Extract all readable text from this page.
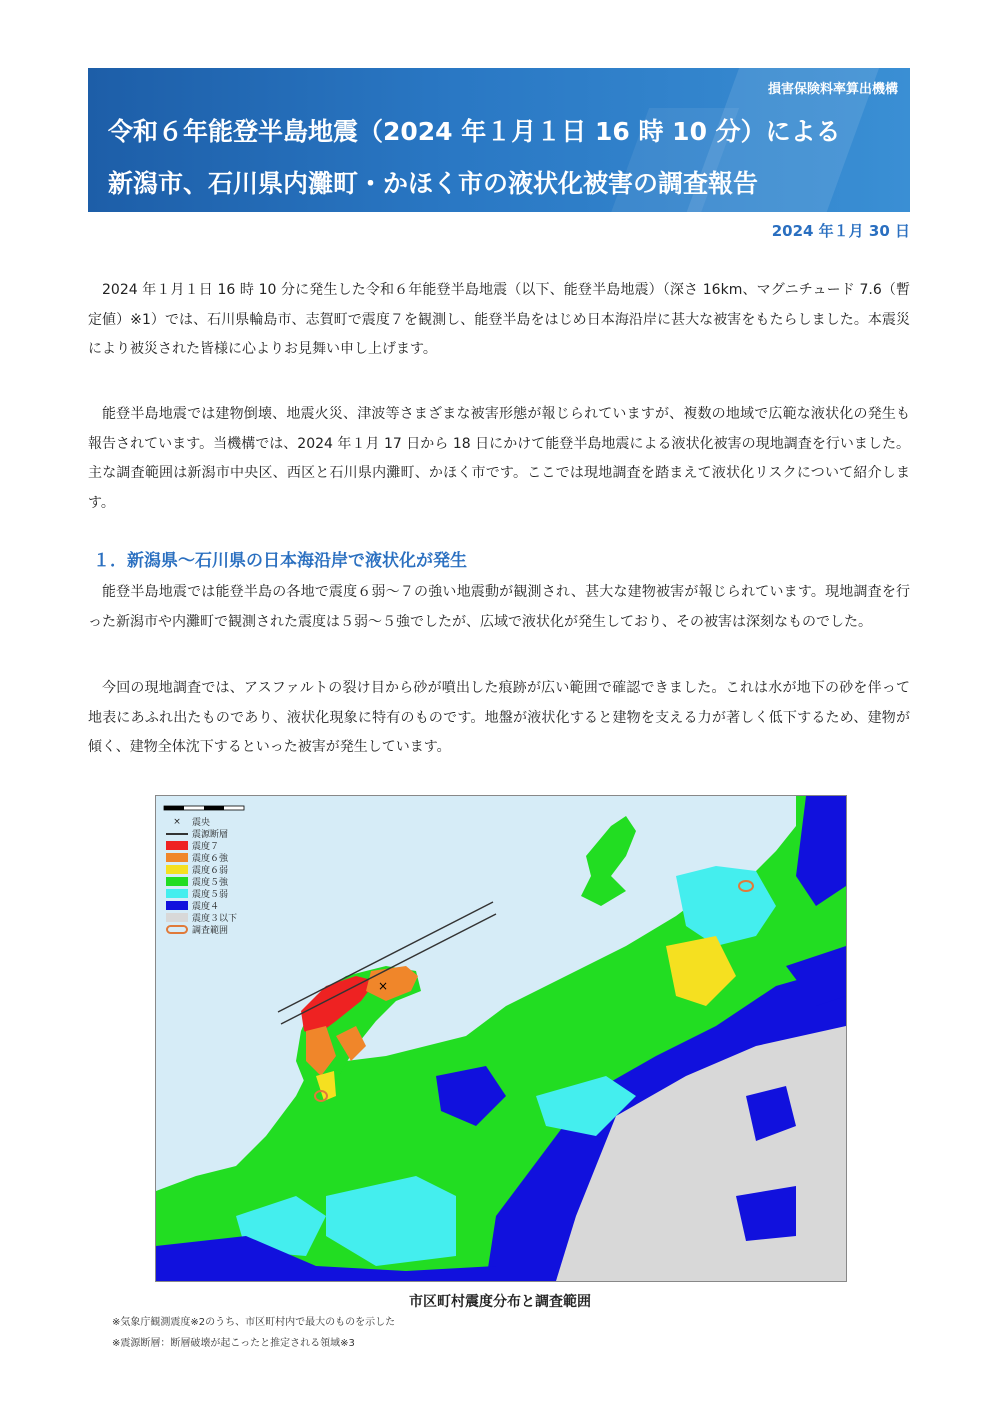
損害保険料率算出機構
令和６年能登半島地震（2024 年１月１日 16 時 10 分）による
新潟市、石川県内灘町・かほく市の液状化被害の調査報告
2024 年１月 30 日

2024 年１月１日 16 時 10 分に発生した令和６年能登半島地震（以下、能登半島地震）（深さ 16km、マグニチュード 7.6（暫定値）※1）では、石川県輪島市、志賀町で震度７を観測し、能登半島をはじめ日本海沿岸に甚大な被害をもたらしました。本震災により被災された皆様に心よりお見舞い申し上げます。

能登半島地震では建物倒壊、地震火災、津波等さまざまな被害形態が報じられていますが、複数の地域で広範な液状化の発生も報告されています。当機構では、2024 年１月 17 日から 18 日にかけて能登半島地震による液状化被害の現地調査を行いました。主な調査範囲は新潟市中央区、西区と石川県内灘町、かほく市です。ここでは現地調査を踏まえて液状化リスクについて紹介します。

１．新潟県～石川県の日本海沿岸で液状化が発生

能登半島地震では能登半島の各地で震度６弱～７の強い地震動が観測され、甚大な建物被害が報じられています。現地調査を行った新潟市や内灘町で観測された震度は５弱～５強でしたが、広域で液状化が発生しており、その被害は深刻なものでした。

今回の現地調査では、アスファルトの裂け目から砂が噴出した痕跡が広い範囲で確認できました。これは水が地下の砂を伴って地表にあふれ出たものであり、液状化現象に特有のものです。地盤が液状化すると建物を支える力が著しく低下するため、建物が傾く、建物全体沈下するといった被害が発生しています。

×
×	震央
震源断層
震度７
震度６強
震度６弱
震度５強
震度５弱
震度４
震度３以下
調査範囲
市区町村震度分布と調査範囲
※気象庁観測震度※2のうち、市区町村内で最大のものを示した
※震源断層：断層破壊が起こったと推定される領域※3
